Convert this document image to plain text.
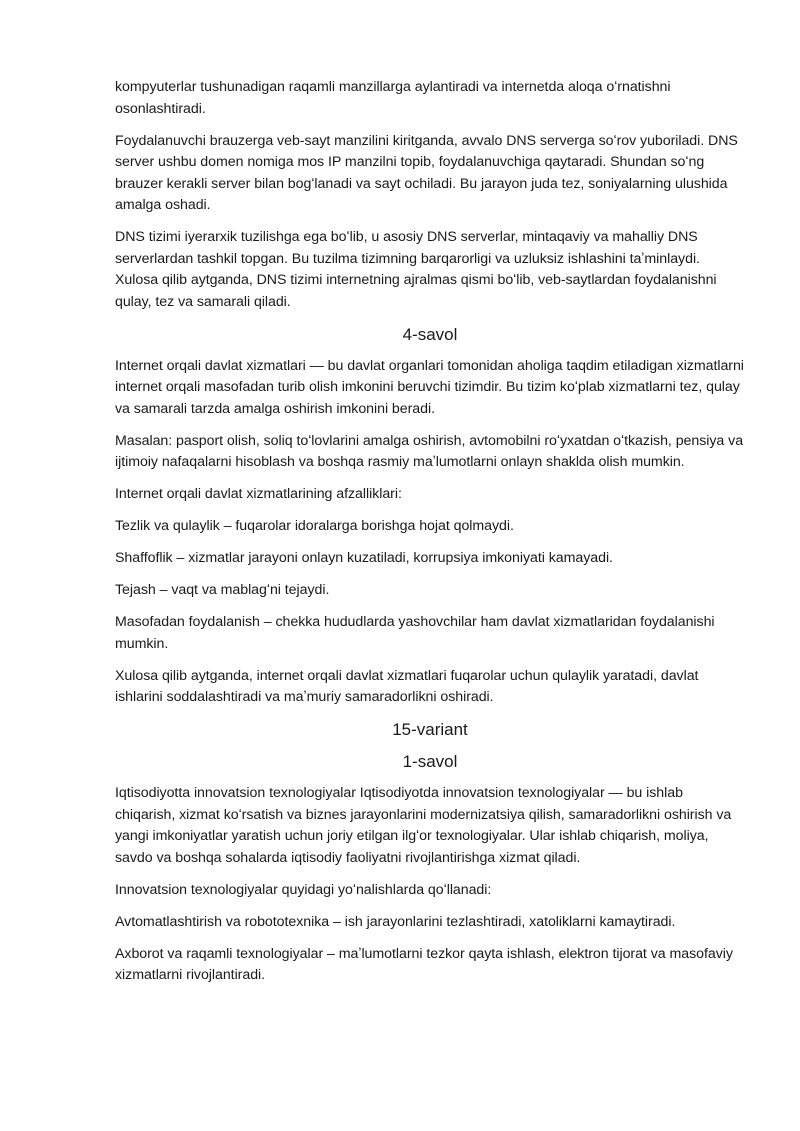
kompyuterlar tushunadigan raqamli manzillarga aylantiradi va internetda aloqa oʻrnatishni osonlashtiradi.

Foydalanuvchi brauzerga veb-sayt manzilini kiritganda, avvalo DNS serverga soʻrov yuboriladi. DNS server ushbu domen nomiga mos IP manzilni topib, foydalanuvchiga qaytaradi. Shundan soʻng brauzer kerakli server bilan bogʻlanadi va sayt ochiladi. Bu jarayon juda tez, soniyalarning ulushida amalga oshadi.

DNS tizimi iyerarxik tuzilishga ega boʻlib, u asosiy DNS serverlar, mintaqaviy va mahalliy DNS serverlardan tashkil topgan. Bu tuzilma tizimning barqarorligi va uzluksiz ishlashini taʼminlaydi. Xulosa qilib aytganda, DNS tizimi internetning ajralmas qismi boʻlib, veb-saytlardan foydalanishni qulay, tez va samarali qiladi.

4-savol

Internet orqali davlat xizmatlari — bu davlat organlari tomonidan aholiga taqdim etiladigan xizmatlarni internet orqali masofadan turib olish imkonini beruvchi tizimdir. Bu tizim koʻplab xizmatlarni tez, qulay va samarali tarzda amalga oshirish imkonini beradi.

Masalan: pasport olish, soliq toʻlovlarini amalga oshirish, avtomobilni roʻyxatdan oʻtkazish, pensiya va ijtimoiy nafaqalarni hisoblash va boshqa rasmiy maʼlumotlarni onlayn shaklda olish mumkin.

Internet orqali davlat xizmatlarining afzalliklari:

Tezlik va qulaylik – fuqarolar idoralarga borishga hojat qolmaydi.

Shaffoflik – xizmatlar jarayoni onlayn kuzatiladi, korrupsiya imkoniyati kamayadi.

Tejash – vaqt va mablagʻni tejaydi.

Masofadan foydalanish – chekka hududlarda yashovchilar ham davlat xizmatlaridan foydalanishi mumkin.

Xulosa qilib aytganda, internet orqali davlat xizmatlari fuqarolar uchun qulaylik yaratadi, davlat ishlarini soddalashtiradi va maʼmuriy samaradorlikni oshiradi.

15-variant
1-savol

Iqtisodiyotta innovatsion texnologiyalar Iqtisodiyotda innovatsion texnologiyalar — bu ishlab chiqarish, xizmat koʻrsatish va biznes jarayonlarini modernizatsiya qilish, samaradorlikni oshirish va yangi imkoniyatlar yaratish uchun joriy etilgan ilgʻor texnologiyalar. Ular ishlab chiqarish, moliya, savdo va boshqa sohalarda iqtisodiy faoliyatni rivojlantirishga xizmat qiladi.

Innovatsion texnologiyalar quyidagi yoʻnalishlarda qoʻllanadi:

Avtomatlashtirish va robototexnika – ish jarayonlarini tezlashtiradi, xatoliklarni kamaytiradi.

Axborot va raqamli texnologiyalar – maʼlumotlarni tezkor qayta ishlash, elektron tijorat va masofaviy xizmatlarni rivojlantiradi.
